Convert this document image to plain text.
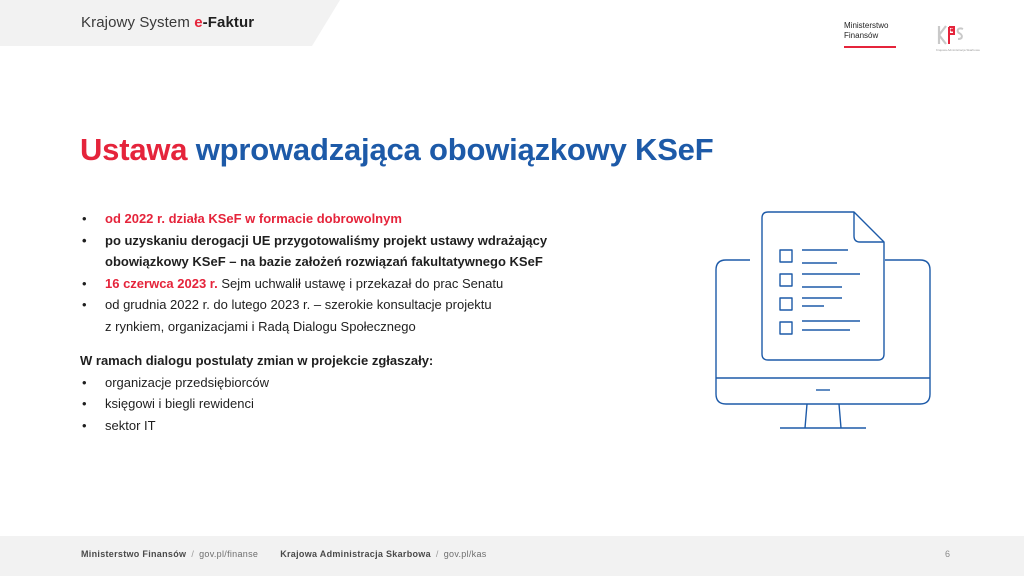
Krajowy System e-Faktur	Ministerstwo
Finansów
Krajowa Administracja Skarbowa
Ustawa wprowadzająca obowiązkowy KSeF
• od 2022 r. działa KSeF w formacie dobrowolnym
• po uzyskaniu derogacji UE przygotowaliśmy projekt ustawy wdrażający
obowiązkowy KSeF – na bazie założeń rozwiązań fakultatywnego KSeF
• 16 czerwca 2023 r. Sejm uchwalił ustawę i przekazał do prac Senatu
• od grudnia 2022 r. do lutego 2023 r. – szerokie konsultacje projektu
z rynkiem, organizacjami i Radą Dialogu Społecznego
W ramach dialogu postulaty zmian w projekcie zgłaszały:
• organizacje przedsiębiorców
• księgowi i biegli rewidenci
• sektor IT
Ministerstwo Finansów / gov.pl/finanse Krajowa Administracja Skarbowa / gov.pl/kas	6
